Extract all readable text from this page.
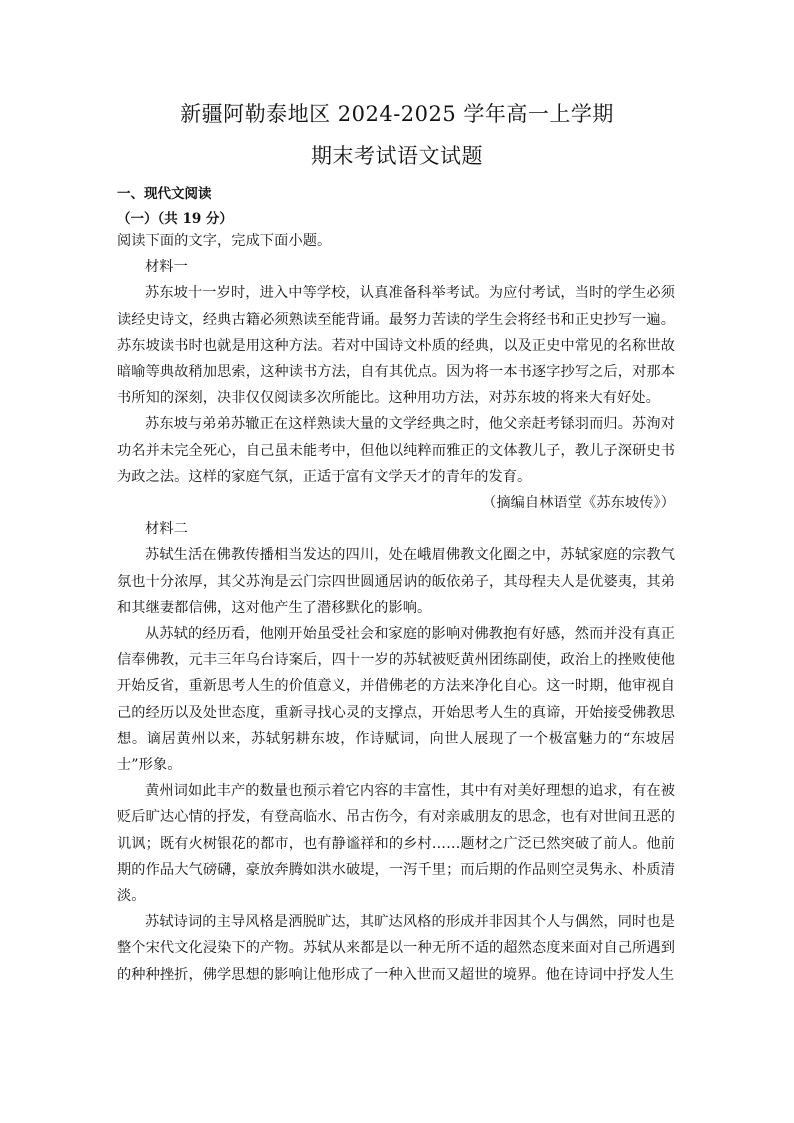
新疆阿勒泰地区 2024-2025 学年高一上学期
期末考试语文试题
一、现代文阅读
（一）（共 19 分）

阅读下面的文字，完成下面小题。

材料一

苏东坡十一岁时，进入中等学校，认真准备科举考试。为应付考试，当时的学生必须读经史诗文，经典古籍必须熟读至能背诵。最努力苦读的学生会将经书和正史抄写一遍。苏东坡读书时也就是用这种方法。若对中国诗文朴质的经典，以及正史中常见的名称世故暗喻等典故稍加思索，这种读书方法，自有其优点。因为将一本书逐字抄写之后，对那本书所知的深刻，决非仅仅阅读多次所能比。这种用功方法，对苏东坡的将来大有好处。

苏东坡与弟弟苏辙正在这样熟读大量的文学经典之时，他父亲赶考铩羽而归。苏洵对功名并未完全死心，自己虽未能考中，但他以纯粹而雅正的文体教儿子，教儿子深研史书为政之法。这样的家庭气氛，正适于富有文学天才的青年的发育。

（摘编自林语堂《苏东坡传》）

材料二

苏轼生活在佛教传播相当发达的四川，处在峨眉佛教文化圈之中，苏轼家庭的宗教气氛也十分浓厚，其父苏洵是云门宗四世圆通居讷的皈依弟子，其母程夫人是优婆夷，其弟和其继妻都信佛，这对他产生了潜移默化的影响。

从苏轼的经历看，他刚开始虽受社会和家庭的影响对佛教抱有好感，然而并没有真正信奉佛教，元丰三年乌台诗案后，四十一岁的苏轼被贬黄州团练副使，政治上的挫败使他开始反省，重新思考人生的价值意义，并借佛老的方法来净化自心。这一时期，他审视自己的经历以及处世态度，重新寻找心灵的支撑点，开始思考人生的真谛，开始接受佛教思想。谪居黄州以来，苏轼躬耕东坡，作诗赋词，向世人展现了一个极富魅力的“东坡居士”形象。

黄州词如此丰产的数量也预示着它内容的丰富性，其中有对美好理想的追求，有在被贬后旷达心情的抒发，有登高临水、吊古伤今，有对亲戚朋友的思念，也有对世间丑恶的讥讽；既有火树银花的都市，也有静谧祥和的乡村……题材之广泛已然突破了前人。他前期的作品大气磅礴，豪放奔腾如洪水破堤，一泻千里；而后期的作品则空灵隽永、朴质清淡。

苏轼诗词的主导风格是洒脱旷达，其旷达风格的形成并非因其个人与偶然，同时也是整个宋代文化浸染下的产物。苏轼从来都是以一种无所不适的超然态度来面对自己所遇到的种种挫折，佛学思想的影响让他形成了一种入世而又超世的境界。他在诗词中抒发人生
